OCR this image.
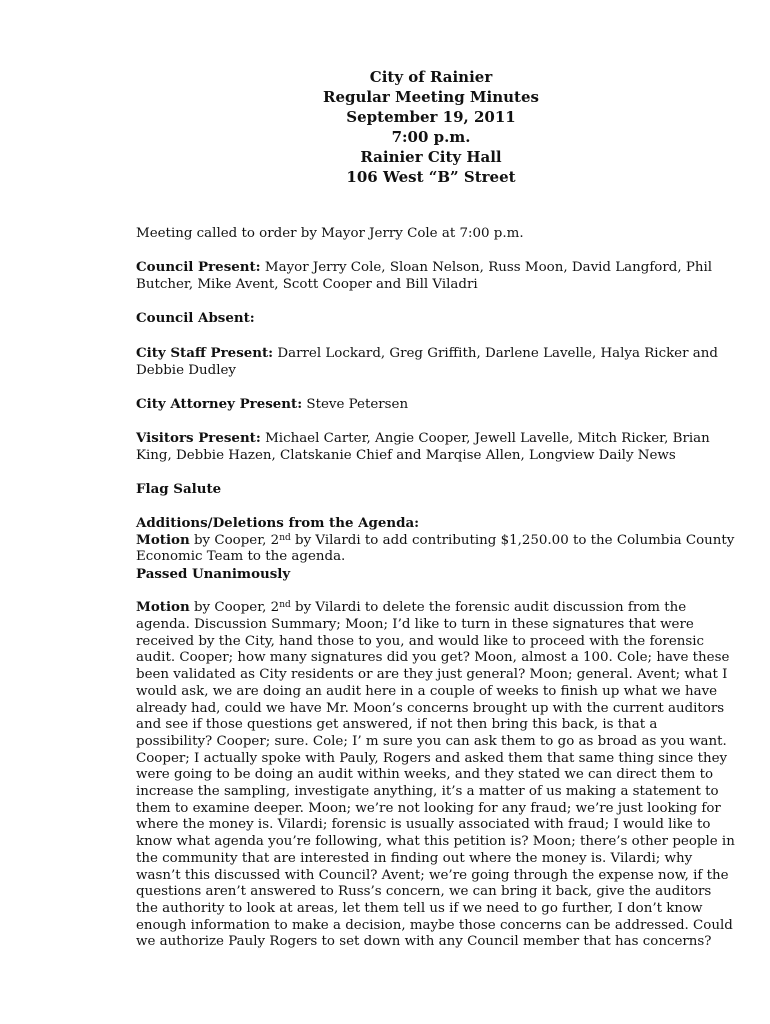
City of Rainier
Regular Meeting Minutes
September 19, 2011
7:00 p.m.
Rainier City Hall
106 West “B” Street

Meeting called to order by Mayor Jerry Cole at 7:00 p.m.

Council Present: Mayor Jerry Cole, Sloan Nelson, Russ Moon, David Langford, Phil Butcher, Mike Avent, Scott Cooper and Bill Viladri

Council Absent:

City Staff Present: Darrel Lockard, Greg Griffith, Darlene Lavelle, Halya Ricker and Debbie Dudley

City Attorney Present: Steve Petersen

Visitors Present: Michael Carter, Angie Cooper, Jewell Lavelle, Mitch Ricker, Brian King, Debbie Hazen, Clatskanie Chief and Marqise Allen, Longview Daily News

Flag Salute

Additions/Deletions from the Agenda:

Motion by Cooper, 2nd by Vilardi to add contributing $1,250.00 to the Columbia County Economic Team to the agenda.

Passed Unanimously

Motion by Cooper, 2nd by Vilardi to delete the forensic audit discussion from the agenda. Discussion Summary; Moon; I’d like to turn in these signatures that were received by the City, hand those to you, and would like to proceed with the forensic audit. Cooper; how many signatures did you get? Moon, almost a 100. Cole; have these been validated as City residents or are they just general? Moon; general. Avent; what I would ask, we are doing an audit here in a couple of weeks to finish up what we have already had, could we have Mr. Moon’s concerns brought up with the current auditors and see if those questions get answered, if not then bring this back, is that a possibility? Cooper; sure. Cole; I’ m sure you can ask them to go as broad as you want. Cooper; I actually spoke with Pauly, Rogers and asked them that same thing since they were going to be doing an audit within weeks, and they stated we can direct them to increase the sampling, investigate anything, it’s a matter of us making a statement to them to examine deeper. Moon; we’re not looking for any fraud; we’re just looking for where the money is. Vilardi; forensic is usually associated with fraud; I would like to know what agenda you’re following, what this petition is? Moon; there’s other people in the community that are interested in finding out where the money is. Vilardi; why wasn’t this discussed with Council? Avent; we’re going through the expense now, if the questions aren’t answered to Russ’s concern, we can bring it back, give the auditors the authority to look at areas, let them tell us if we need to go further, I don’t know enough information to make a decision, maybe those concerns can be addressed. Could we authorize Pauly Rogers to set down with any Council member that has concerns?
